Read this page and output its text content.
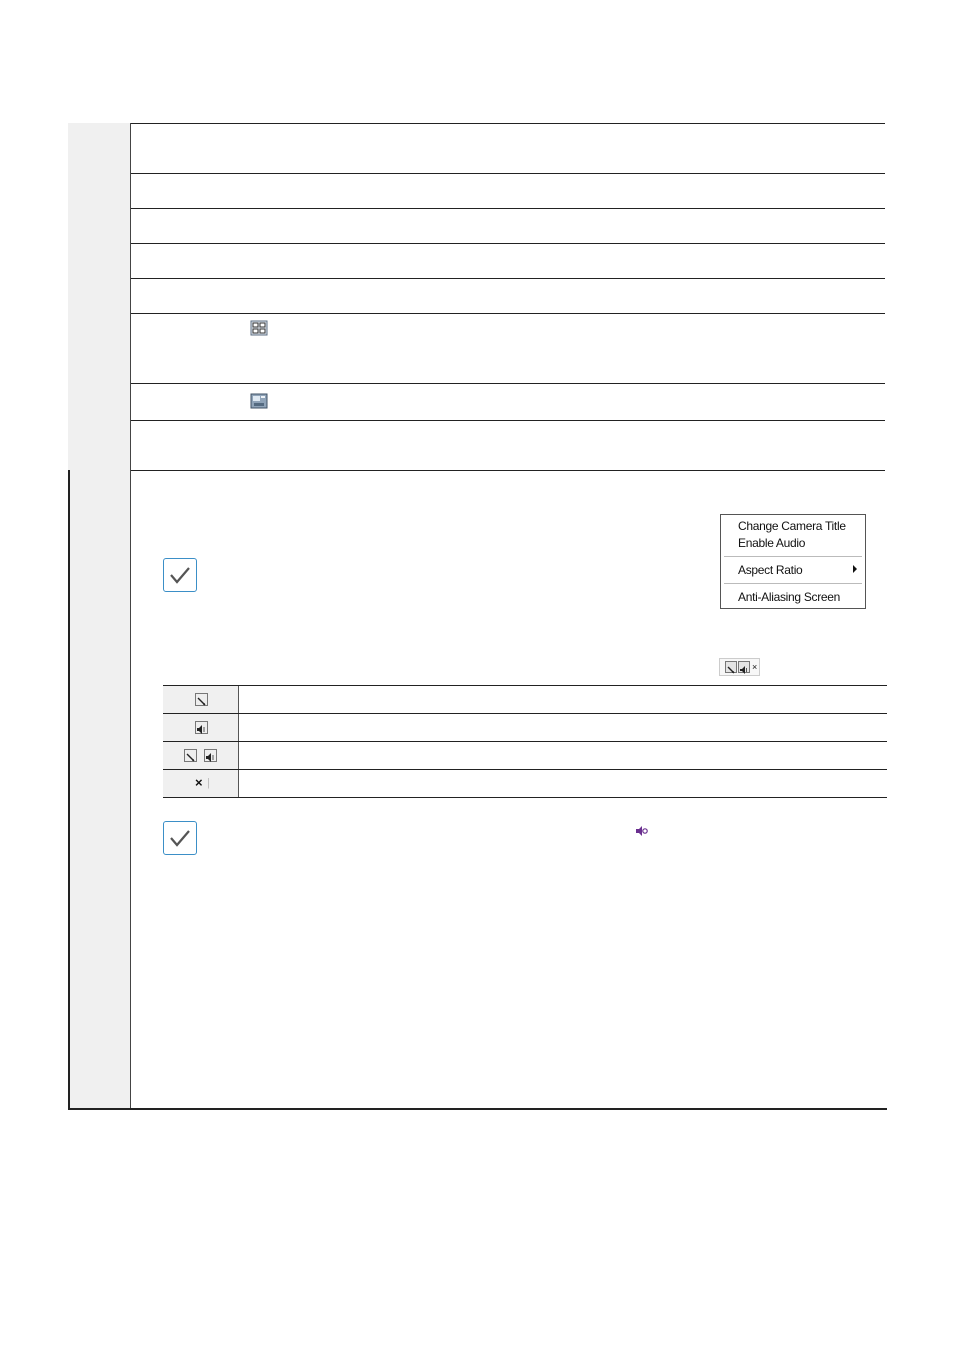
Change Camera Title
Enable Audio
Aspect Ratio
Anti-Aliasing Screen
×
× |
